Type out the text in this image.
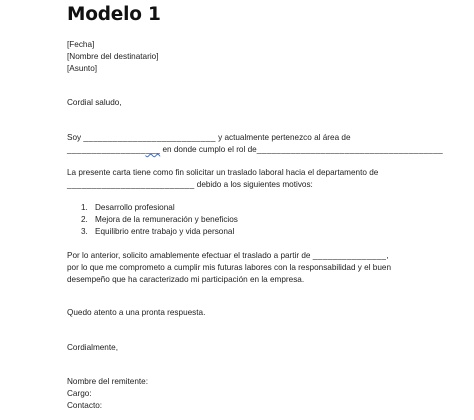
Modelo 1
[Fecha]
[Nombre del destinatario]
[Asunto]
Cordial saludo,
Soy ___________________________ y actualmente pertenezco al área de
___________________ en donde cumplo el rol de______________________________________
La presente carta tiene como fin solicitar un traslado laboral hacia el departamento de
__________________________ debido a los siguientes motivos:
1. Desarrollo profesional
2. Mejora de la remuneración y beneficios
3. Equilibrio entre trabajo y vida personal
Por lo anterior, solicito amablemente efectuar el traslado a partir de _______________,
por lo que me comprometo a cumplir mis futuras labores con la responsabilidad y el buen
desempeño que ha caracterizado mi participación en la empresa.
Quedo atento a una pronta respuesta.
Cordialmente,
Nombre del remitente:
Cargo:
Contacto:
